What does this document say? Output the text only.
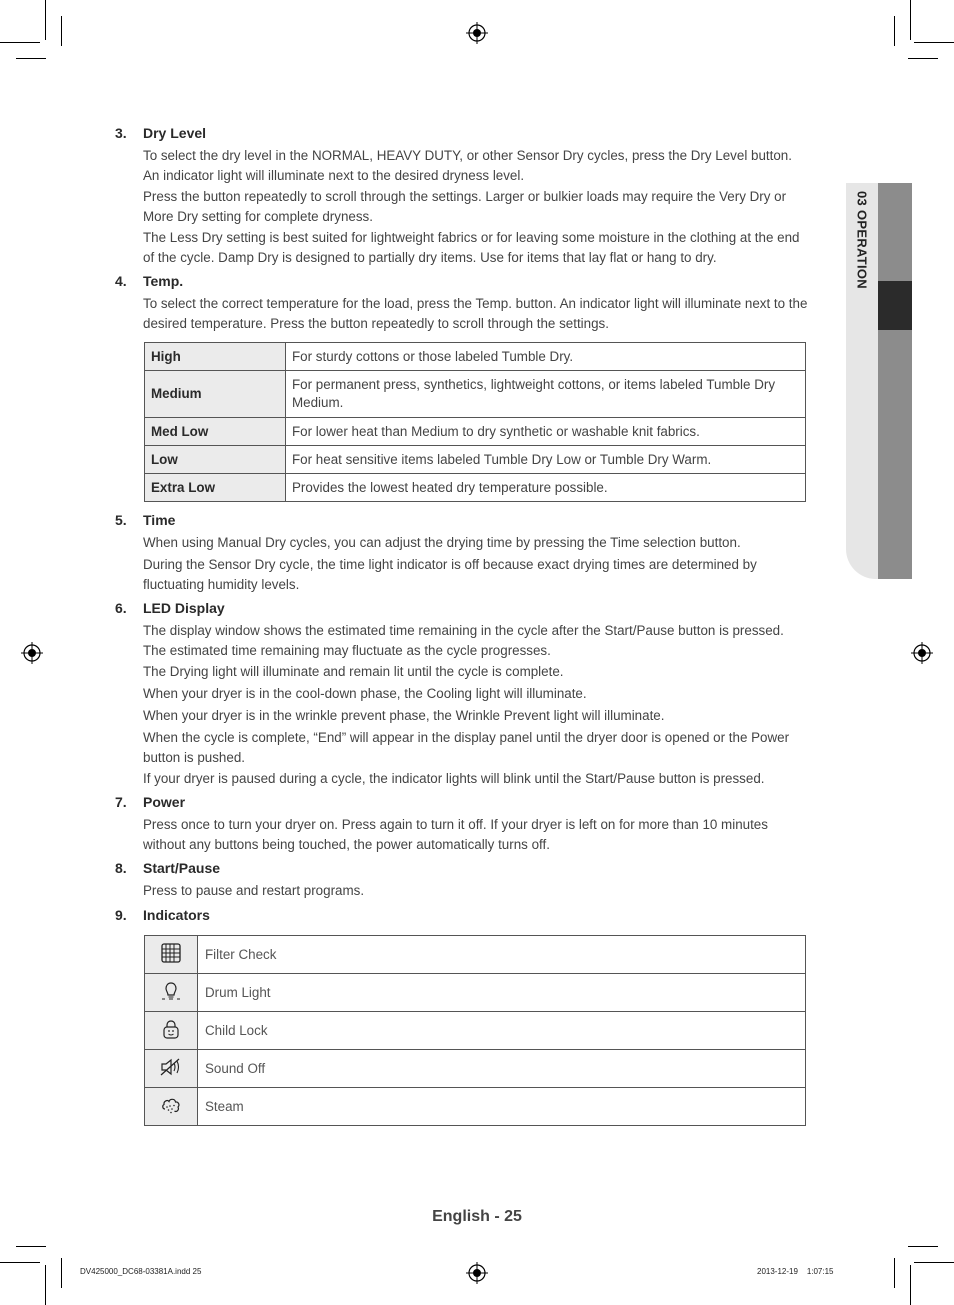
03 OPERATION
3. Dry Level
To select the dry level in the NORMAL, HEAVY DUTY, or other Sensor Dry cycles, press the Dry Level button. An indicator light will illuminate next to the desired dryness level.
Press the button repeatedly to scroll through the settings. Larger or bulkier loads may require the Very Dry or More Dry setting for complete dryness.
The Less Dry setting is best suited for lightweight fabrics or for leaving some moisture in the clothing at the end of the cycle. Damp Dry is designed to partially dry items. Use for items that lay flat or hang to dry.
4. Temp.
To select the correct temperature for the load, press the Temp. button. An indicator light will illuminate next to the desired temperature. Press the button repeatedly to scroll through the settings.
High	For sturdy cottons or those labeled Tumble Dry.
Medium	For permanent press, synthetics, lightweight cottons, or items labeled Tumble Dry Medium.
Med Low	For lower heat than Medium to dry synthetic or washable knit fabrics.
Low	For heat sensitive items labeled Tumble Dry Low or Tumble Dry Warm.
Extra Low	Provides the lowest heated dry temperature possible.
5. Time
When using Manual Dry cycles, you can adjust the drying time by pressing the Time selection button.
During the Sensor Dry cycle, the time light indicator is off because exact drying times are determined by fluctuating humidity levels.
6. LED Display
The display window shows the estimated time remaining in the cycle after the Start/Pause button is pressed. The estimated time remaining may fluctuate as the cycle progresses.
The Drying light will illuminate and remain lit until the cycle is complete.
When your dryer is in the cool-down phase, the Cooling light will illuminate.
When your dryer is in the wrinkle prevent phase, the Wrinkle Prevent light will illuminate.
When the cycle is complete, “End” will appear in the display panel until the dryer door is opened or the Power button is pushed.
If your dryer is paused during a cycle, the indicator lights will blink until the Start/Pause button is pressed.
7. Power
Press once to turn your dryer on. Press again to turn it off. If your dryer is left on for more than 10 minutes without any buttons being touched, the power automatically turns off.
8. Start/Pause
Press to pause and restart programs.
9. Indicators
	Filter Check
	Drum Light
	Child Lock
	Sound Off
	Steam
English - 25
DV425000_DC68-03381A.indd 25	2013-12-19    1:07:15
